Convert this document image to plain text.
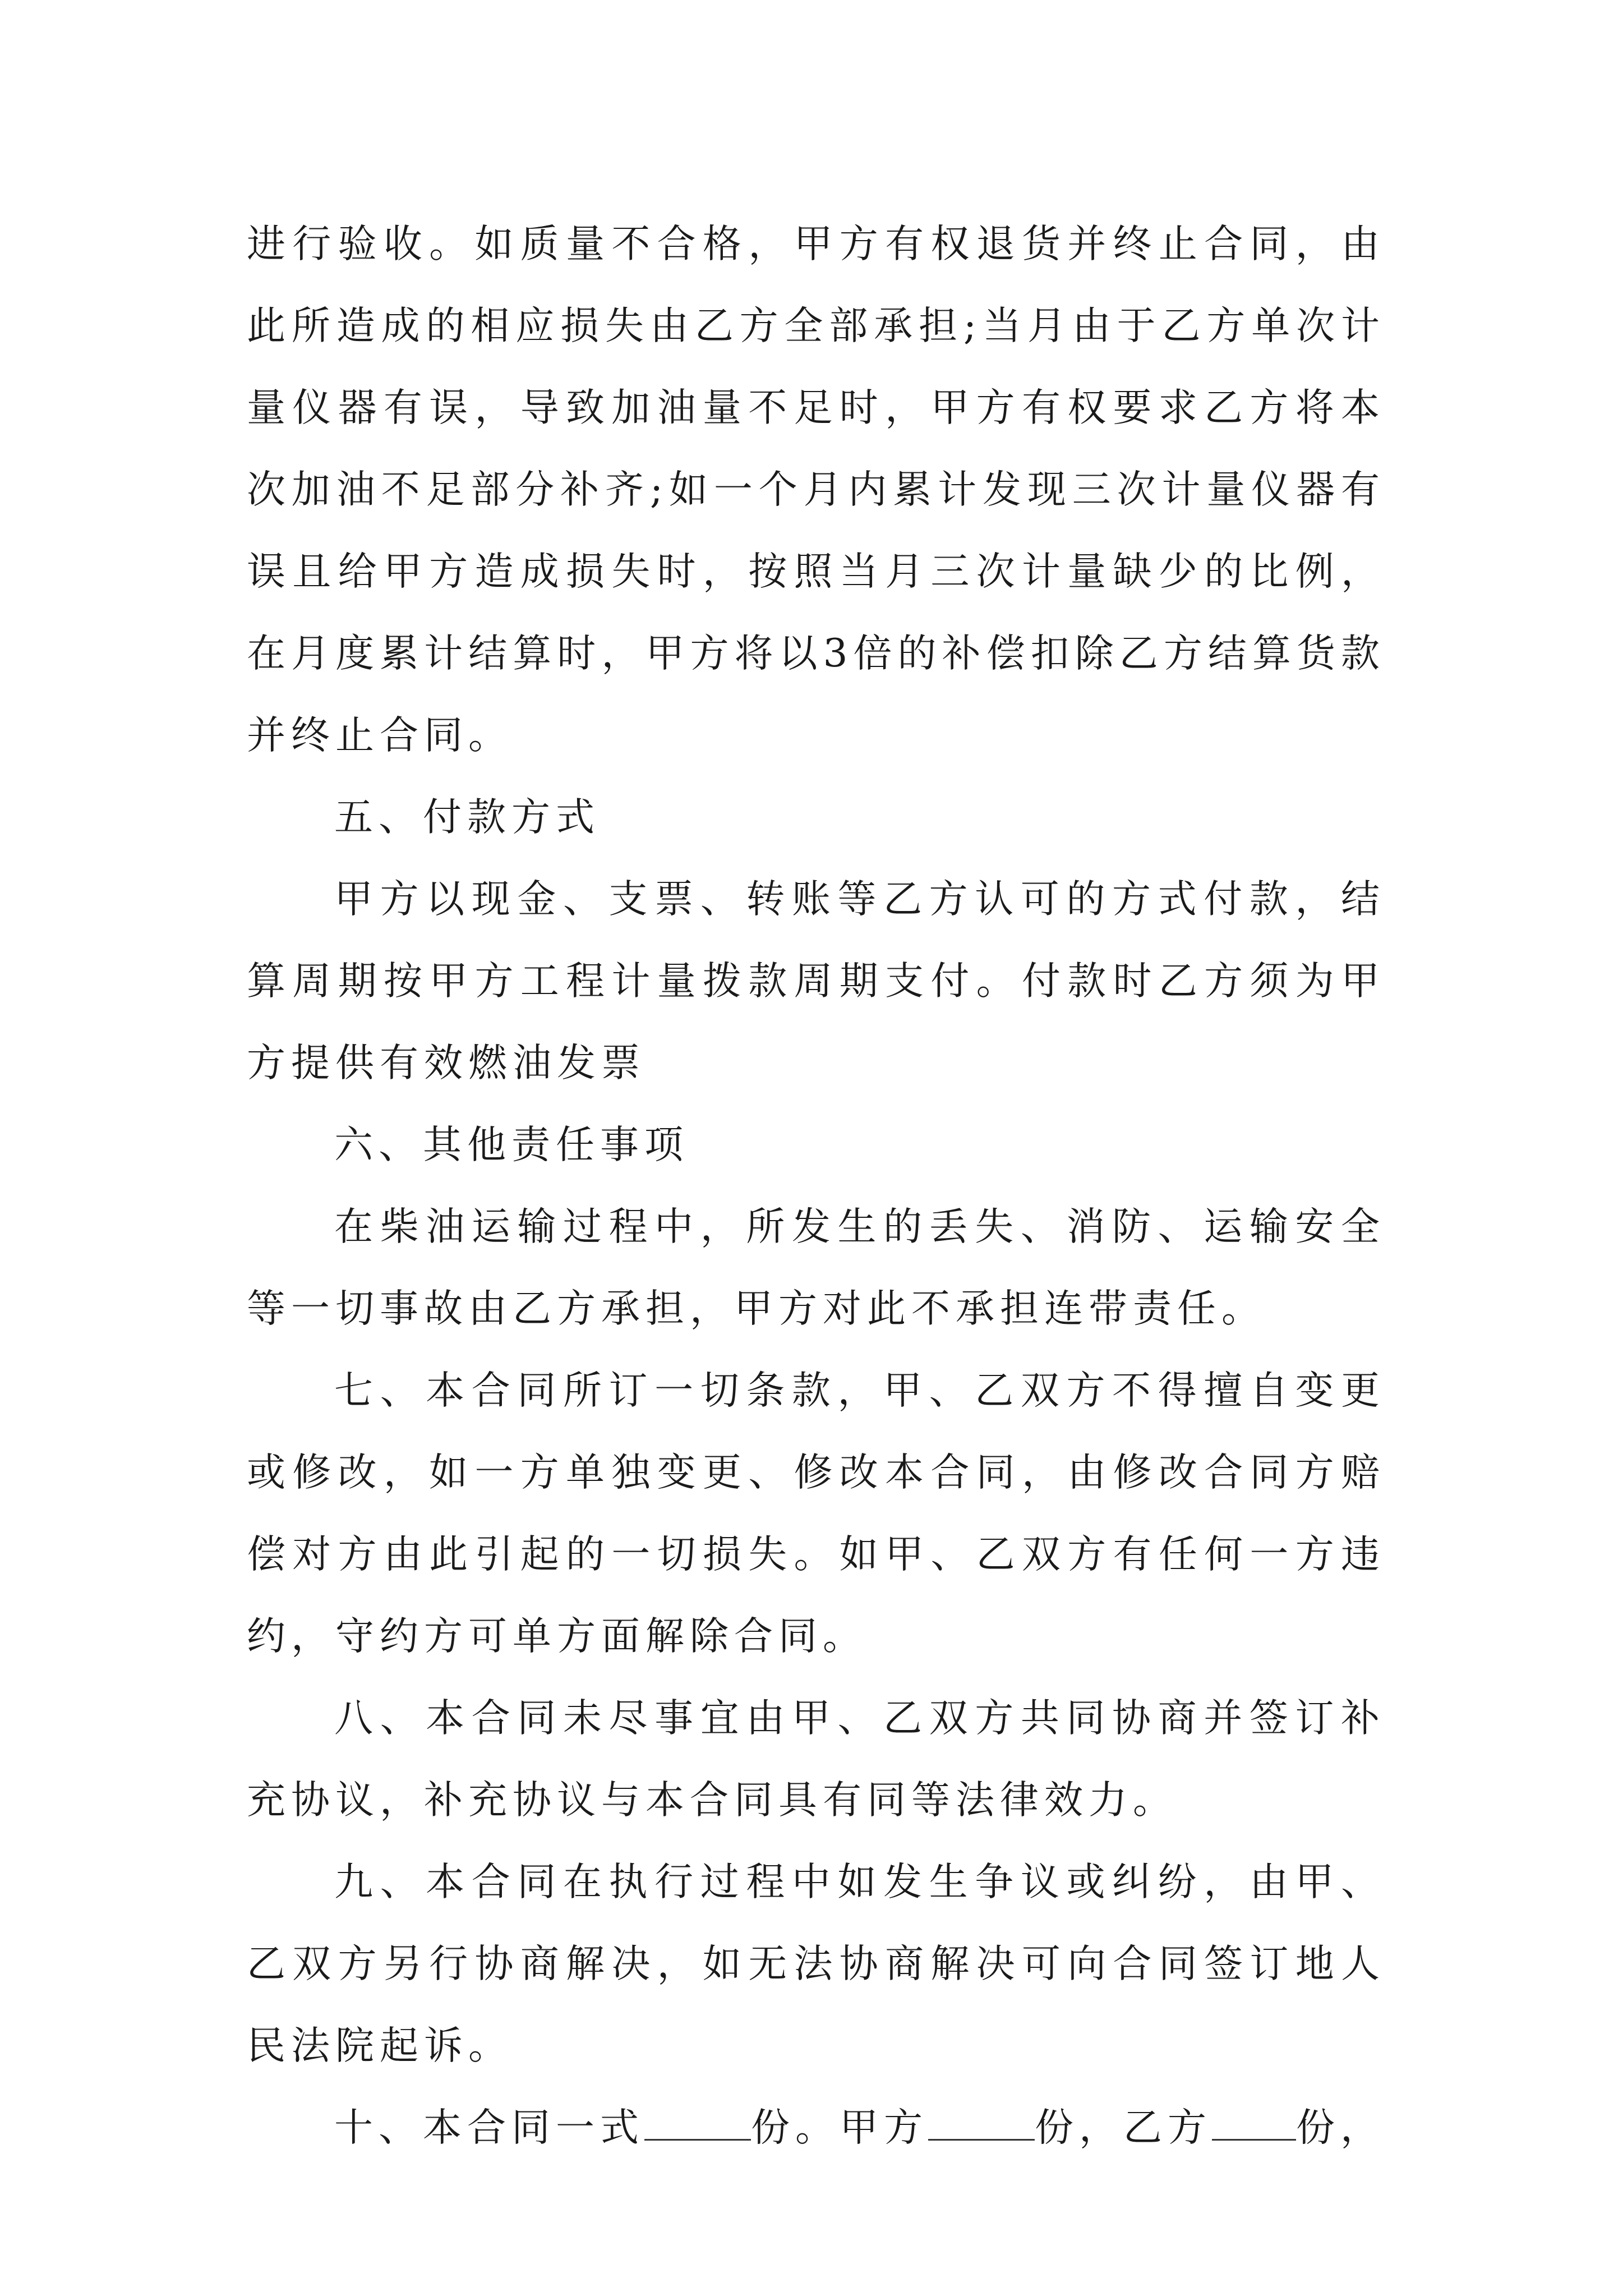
进行验收。如质量不合格，甲方有权退货并终止合同，由此所造成的相应损失由乙方全部承担;当月由于乙方单次计量仪器有误，导致加油量不足时，甲方有权要求乙方将本次加油不足部分补齐;如一个月内累计发现三次计量仪器有误且给甲方造成损失时，按照当月三次计量缺少的比例，在月度累计结算时，甲方将以3倍的补偿扣除乙方结算货款并终止合同。

五、付款方式

甲方以现金、支票、转账等乙方认可的方式付款，结算周期按甲方工程计量拨款周期支付。付款时乙方须为甲方提供有效燃油发票

六、其他责任事项

在柴油运输过程中，所发生的丢失、消防、运输安全等一切事故由乙方承担，甲方对此不承担连带责任。

七、本合同所订一切条款，甲、乙双方不得擅自变更或修改，如一方单独变更、修改本合同，由修改合同方赔偿对方由此引起的一切损失。如甲、乙双方有任何一方违约，守约方可单方面解除合同。

八、本合同未尽事宜由甲、乙双方共同协商并签订补充协议，补充协议与本合同具有同等法律效力。

九、本合同在执行过程中如发生争议或纠纷，由甲、乙双方另行协商解决，如无法协商解决可向合同签订地人民法院起诉。

十、本合同一式	份。甲方	份，乙方 份，
